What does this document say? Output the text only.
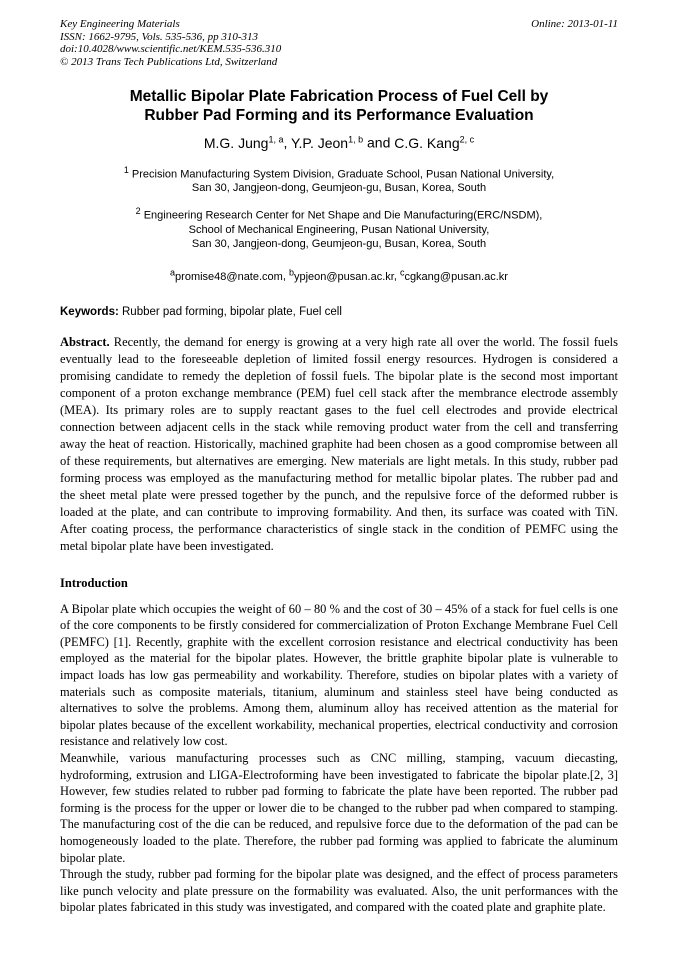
Key Engineering Materials
ISSN: 1662-9795, Vols. 535-536, pp 310-313
doi:10.4028/www.scientific.net/KEM.535-536.310
© 2013 Trans Tech Publications Ltd, Switzerland
Online: 2013-01-11
Metallic Bipolar Plate Fabrication Process of Fuel Cell by
Rubber Pad Forming and its Performance Evaluation
M.G. Jung$^{1, a}$, Y.P. Jeon$^{1, b}$ and C.G. Kang$^{2, c}$
$^1$ Precision Manufacturing System Division, Graduate School, Pusan National University,
San 30, Jangjeon-dong, Geumjeon-gu, Busan, Korea, South
$^2$ Engineering Research Center for Net Shape and Die Manufacturing(ERC/NSDM),
School of Mechanical Engineering, Pusan National University,
San 30, Jangjeon-dong, Geumjeon-gu, Busan, Korea, South
$^a$promise48@nate.com, $^b$ypjeon@pusan.ac.kr, $^c$cgkang@pusan.ac.kr
Keywords: Rubber pad forming, bipolar plate, Fuel cell

Abstract. Recently, the demand for energy is growing at a very high rate all over the world. The fossil fuels eventually lead to the foreseeable depletion of limited fossil energy resources. Hydrogen is considered a promising candidate to remedy the depletion of fossil fuels. The bipolar plate is the second most important component of a proton exchange membrance (PEM) fuel cell stack after the membrance electrode assembly (MEA). Its primary roles are to supply reactant gases to the fuel cell electrodes and provide electrical connection between adjacent cells in the stack while removing product water from the cell and transferring away the heat of reaction. Historically, machined graphite had been chosen as a good compromise between all of these requirements, but alternatives are emerging. New materials are light metals. In this study, rubber pad forming process was employed as the manufacturing method for metallic bipolar plates. The rubber pad and the sheet metal plate were pressed together by the punch, and the repulsive force of the deformed rubber is loaded at the plate, and can contribute to improving formability. And then, its surface was coated with TiN. After coating process, the performance characteristics of single stack in the condition of PEMFC using the metal bipolar plate have been investigated.

Introduction

A Bipolar plate which occupies the weight of 60 – 80 % and the cost of 30 – 45% of a stack for fuel cells is one of the core components to be firstly considered for commercialization of Proton Exchange Membrane Fuel Cell (PEMFC) [1]. Recently, graphite with the excellent corrosion resistance and electrical conductivity has been employed as the material for the bipolar plates. However, the brittle graphite bipolar plate is vulnerable to impact loads has low gas permeability and workability. Therefore, studies on bipolar plates with a variety of materials such as composite materials, titanium, aluminum and stainless steel have being conducted as alternatives to solve the problems. Among them, aluminum alloy has received attention as the material for bipolar plates because of the excellent workability, mechanical properties, electrical conductivity and corrosion resistance and relatively low cost.

Meanwhile, various manufacturing processes such as CNC milling, stamping, vacuum diecasting, hydroforming, extrusion and LIGA-Electroforming have been investigated to fabricate the bipolar plate.[2, 3] However, few studies related to rubber pad forming to fabricate the plate have been reported. The rubber pad forming is the process for the upper or lower die to be changed to the rubber pad when compared to stamping. The manufacturing cost of the die can be reduced, and repulsive force due to the deformation of the pad can be homogeneously loaded to the plate. Therefore, the rubber pad forming was applied to fabricate the aluminum bipolar plate.

Through the study, rubber pad forming for the bipolar plate was designed, and the effect of process parameters like punch velocity and plate pressure on the formability was evaluated. Also, the unit performances with the bipolar plates fabricated in this study was investigated, and compared with the coated plate and graphite plate.
